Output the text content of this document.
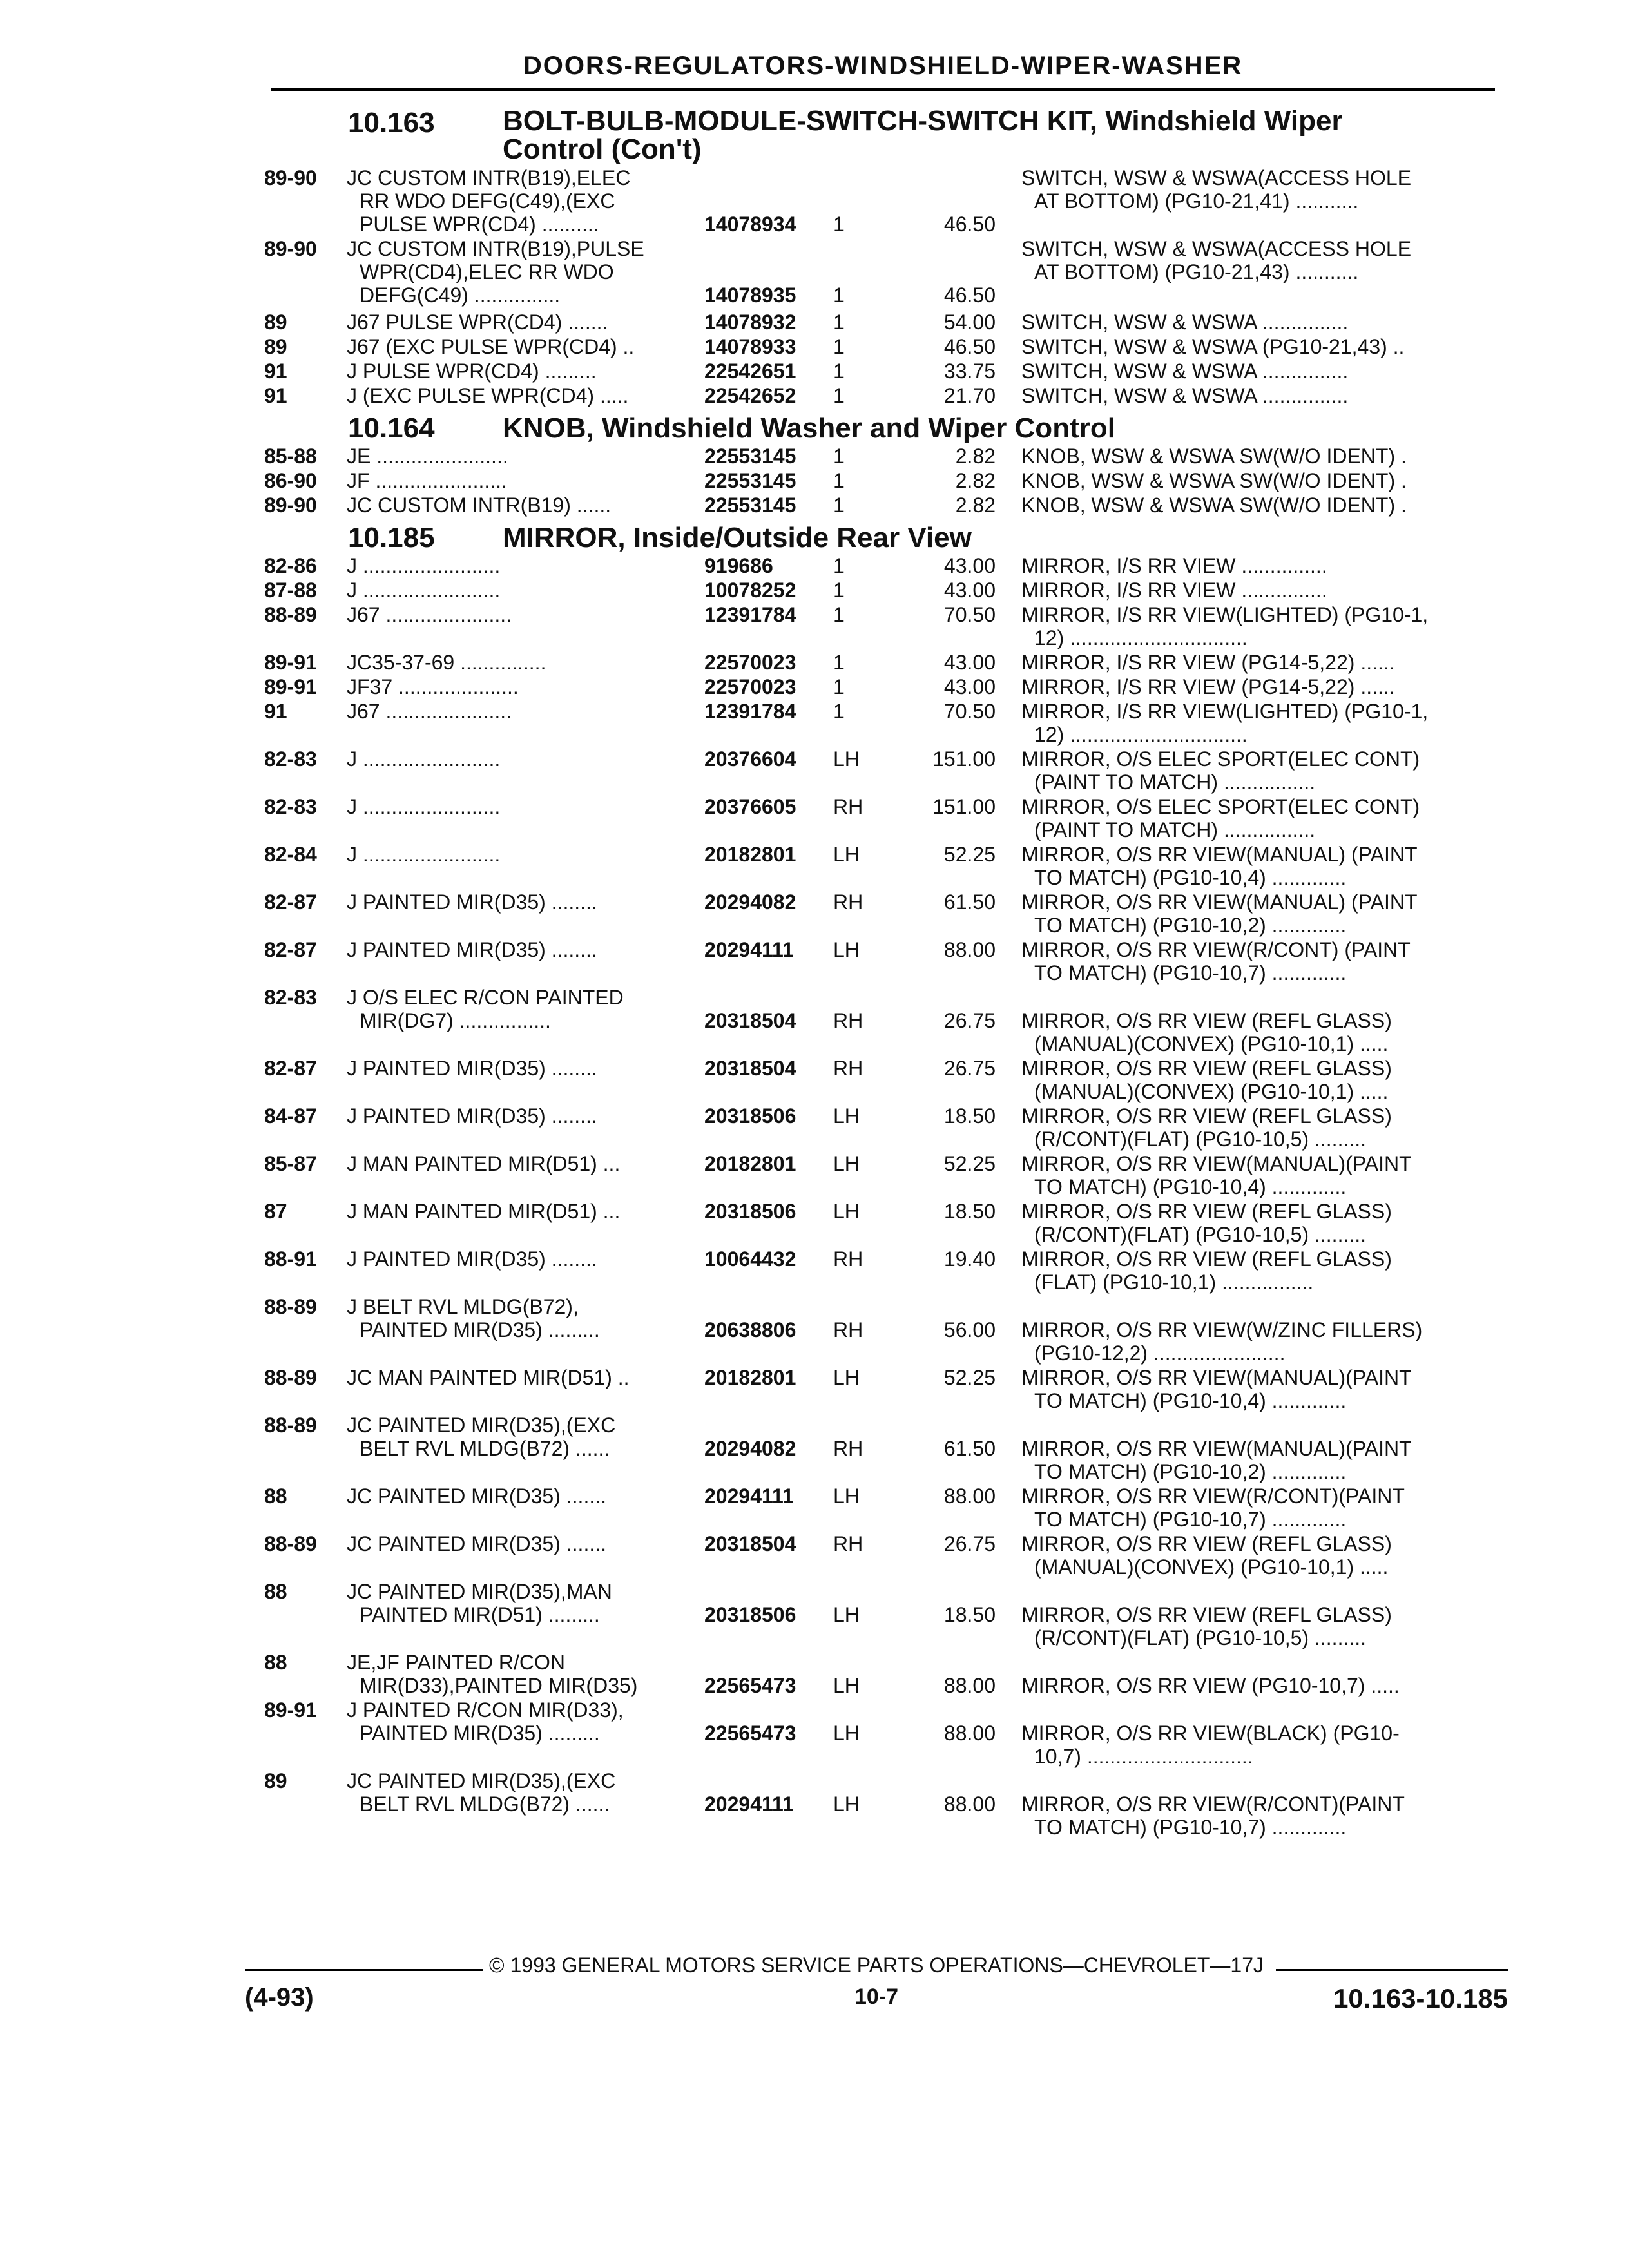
DOORS-REGULATORS-WINDSHIELD-WIPER-WASHER
10.163 BOLT-BULB-MODULE-SWITCH-SWITCH KIT, Windshield Wiper
Control (Con't)
89-90 JC CUSTOM INTR(B19),ELEC
RR WDO DEFG(C49),(EXC
PULSE WPR(CD4) ..........	14078934 1	46.50
SWITCH, WSW & WSWA(ACCESS HOLE
AT BOTTOM) (PG10-21,41) ...........
89-90 JC CUSTOM INTR(B19),PULSE
WPR(CD4),ELEC RR WDO
DEFG(C49) ...............	14078935 1	46.50
SWITCH, WSW & WSWA(ACCESS HOLE
AT BOTTOM) (PG10-21,43) ...........
89	J67 PULSE WPR(CD4) .......	14078932 1	54.00 SWITCH, WSW & WSWA ...............
89	J67 (EXC PULSE WPR(CD4) ..	14078933 1	46.50 SWITCH, WSW & WSWA (PG10-21,43) ..
91	J PULSE WPR(CD4) .........	22542651 1	33.75 SWITCH, WSW & WSWA ...............
91	J (EXC PULSE WPR(CD4) .....	22542652 1	21.70 SWITCH, WSW & WSWA ...............
10.164 KNOB, Windshield Washer and Wiper Control
85-88 JE .......................	22553145 1	2.82 KNOB, WSW & WSWA SW(W/O IDENT) .
86-90 JF .......................	22553145 1	2.82 KNOB, WSW & WSWA SW(W/O IDENT) .
89-90 JC CUSTOM INTR(B19) ......	22553145 1	2.82 KNOB, WSW & WSWA SW(W/O IDENT) .
10.185 MIRROR, Inside/Outside Rear View
82-86 J ........................	919686	1	43.00 MIRROR, I/S RR VIEW ...............
87-88 J ........................	10078252 1	43.00 MIRROR, I/S RR VIEW ...............
88-89 J67 ......................	12391784 1	70.50 MIRROR, I/S RR VIEW(LIGHTED) (PG10-1,
12) ...............................
89-91 JC35-37-69 ...............	22570023 1	43.00 MIRROR, I/S RR VIEW (PG14-5,22) ......
89-91 JF37 .....................	22570023 1	43.00 MIRROR, I/S RR VIEW (PG14-5,22) ......
91	J67 ......................	12391784 1	70.50 MIRROR, I/S RR VIEW(LIGHTED) (PG10-1,
12) ...............................
82-83 J ........................	20376604 LH	151.00 MIRROR, O/S ELEC SPORT(ELEC CONT)
(PAINT TO MATCH) ................
82-83 J ........................	20376605 RH	151.00 MIRROR, O/S ELEC SPORT(ELEC CONT)
(PAINT TO MATCH) ................
82-84 J ........................	20182801 LH	52.25 MIRROR, O/S RR VIEW(MANUAL) (PAINT
TO MATCH) (PG10-10,4) .............
82-87 J PAINTED MIR(D35) ........	20294082 RH	61.50 MIRROR, O/S RR VIEW(MANUAL) (PAINT
TO MATCH) (PG10-10,2) .............
82-87 J PAINTED MIR(D35) ........	20294111 LH	88.00 MIRROR, O/S RR VIEW(R/CONT) (PAINT
TO MATCH) (PG10-10,7) .............
82-83 J O/S ELEC R/CON PAINTED
MIR(DG7) ................	20318504 RH	26.75 MIRROR, O/S RR VIEW (REFL GLASS)
(MANUAL)(CONVEX) (PG10-10,1) .....
82-87 J PAINTED MIR(D35) ........	20318504 RH	26.75 MIRROR, O/S RR VIEW (REFL GLASS)
(MANUAL)(CONVEX) (PG10-10,1) .....
84-87 J PAINTED MIR(D35) ........	20318506 LH	18.50 MIRROR, O/S RR VIEW (REFL GLASS)
(R/CONT)(FLAT) (PG10-10,5) .........
85-87 J MAN PAINTED MIR(D51) ...	20182801 LH	52.25 MIRROR, O/S RR VIEW(MANUAL)(PAINT
TO MATCH) (PG10-10,4) .............
87	J MAN PAINTED MIR(D51) ...	20318506 LH	18.50 MIRROR, O/S RR VIEW (REFL GLASS)
(R/CONT)(FLAT) (PG10-10,5) .........
88-91 J PAINTED MIR(D35) ........	10064432 RH	19.40 MIRROR, O/S RR VIEW (REFL GLASS)
(FLAT) (PG10-10,1) ................
88-89 J BELT RVL MLDG(B72),
PAINTED MIR(D35) .........	20638806 RH	56.00 MIRROR, O/S RR VIEW(W/ZINC FILLERS)
(PG10-12,2) .......................
88-89 JC MAN PAINTED MIR(D51) ..	20182801 LH	52.25 MIRROR, O/S RR VIEW(MANUAL)(PAINT
TO MATCH) (PG10-10,4) .............
88-89 JC PAINTED MIR(D35),(EXC
BELT RVL MLDG(B72) ......	20294082 RH	61.50 MIRROR, O/S RR VIEW(MANUAL)(PAINT
TO MATCH) (PG10-10,2) .............
88	JC PAINTED MIR(D35) .......	20294111 LH	88.00 MIRROR, O/S RR VIEW(R/CONT)(PAINT
TO MATCH) (PG10-10,7) .............
88-89 JC PAINTED MIR(D35) .......	20318504 RH	26.75 MIRROR, O/S RR VIEW (REFL GLASS)
(MANUAL)(CONVEX) (PG10-10,1) .....
88	JC PAINTED MIR(D35),MAN
PAINTED MIR(D51) .........	20318506 LH	18.50 MIRROR, O/S RR VIEW (REFL GLASS)
(R/CONT)(FLAT) (PG10-10,5) .........
88	JE,JF PAINTED R/CON
MIR(D33),PAINTED MIR(D35)	22565473 LH	88.00 MIRROR, O/S RR VIEW (PG10-10,7) .....
89-91 J PAINTED R/CON MIR(D33),
PAINTED MIR(D35) .........	22565473 LH	88.00 MIRROR, O/S RR VIEW(BLACK) (PG10-
10,7) .............................
89	JC PAINTED MIR(D35),(EXC
BELT RVL MLDG(B72) ......	20294111 LH	88.00 MIRROR, O/S RR VIEW(R/CONT)(PAINT
TO MATCH) (PG10-10,7) .............
© 1993 GENERAL MOTORS SERVICE PARTS OPERATIONS—CHEVROLET—17J
(4-93)	10-7	10.163-10.185
